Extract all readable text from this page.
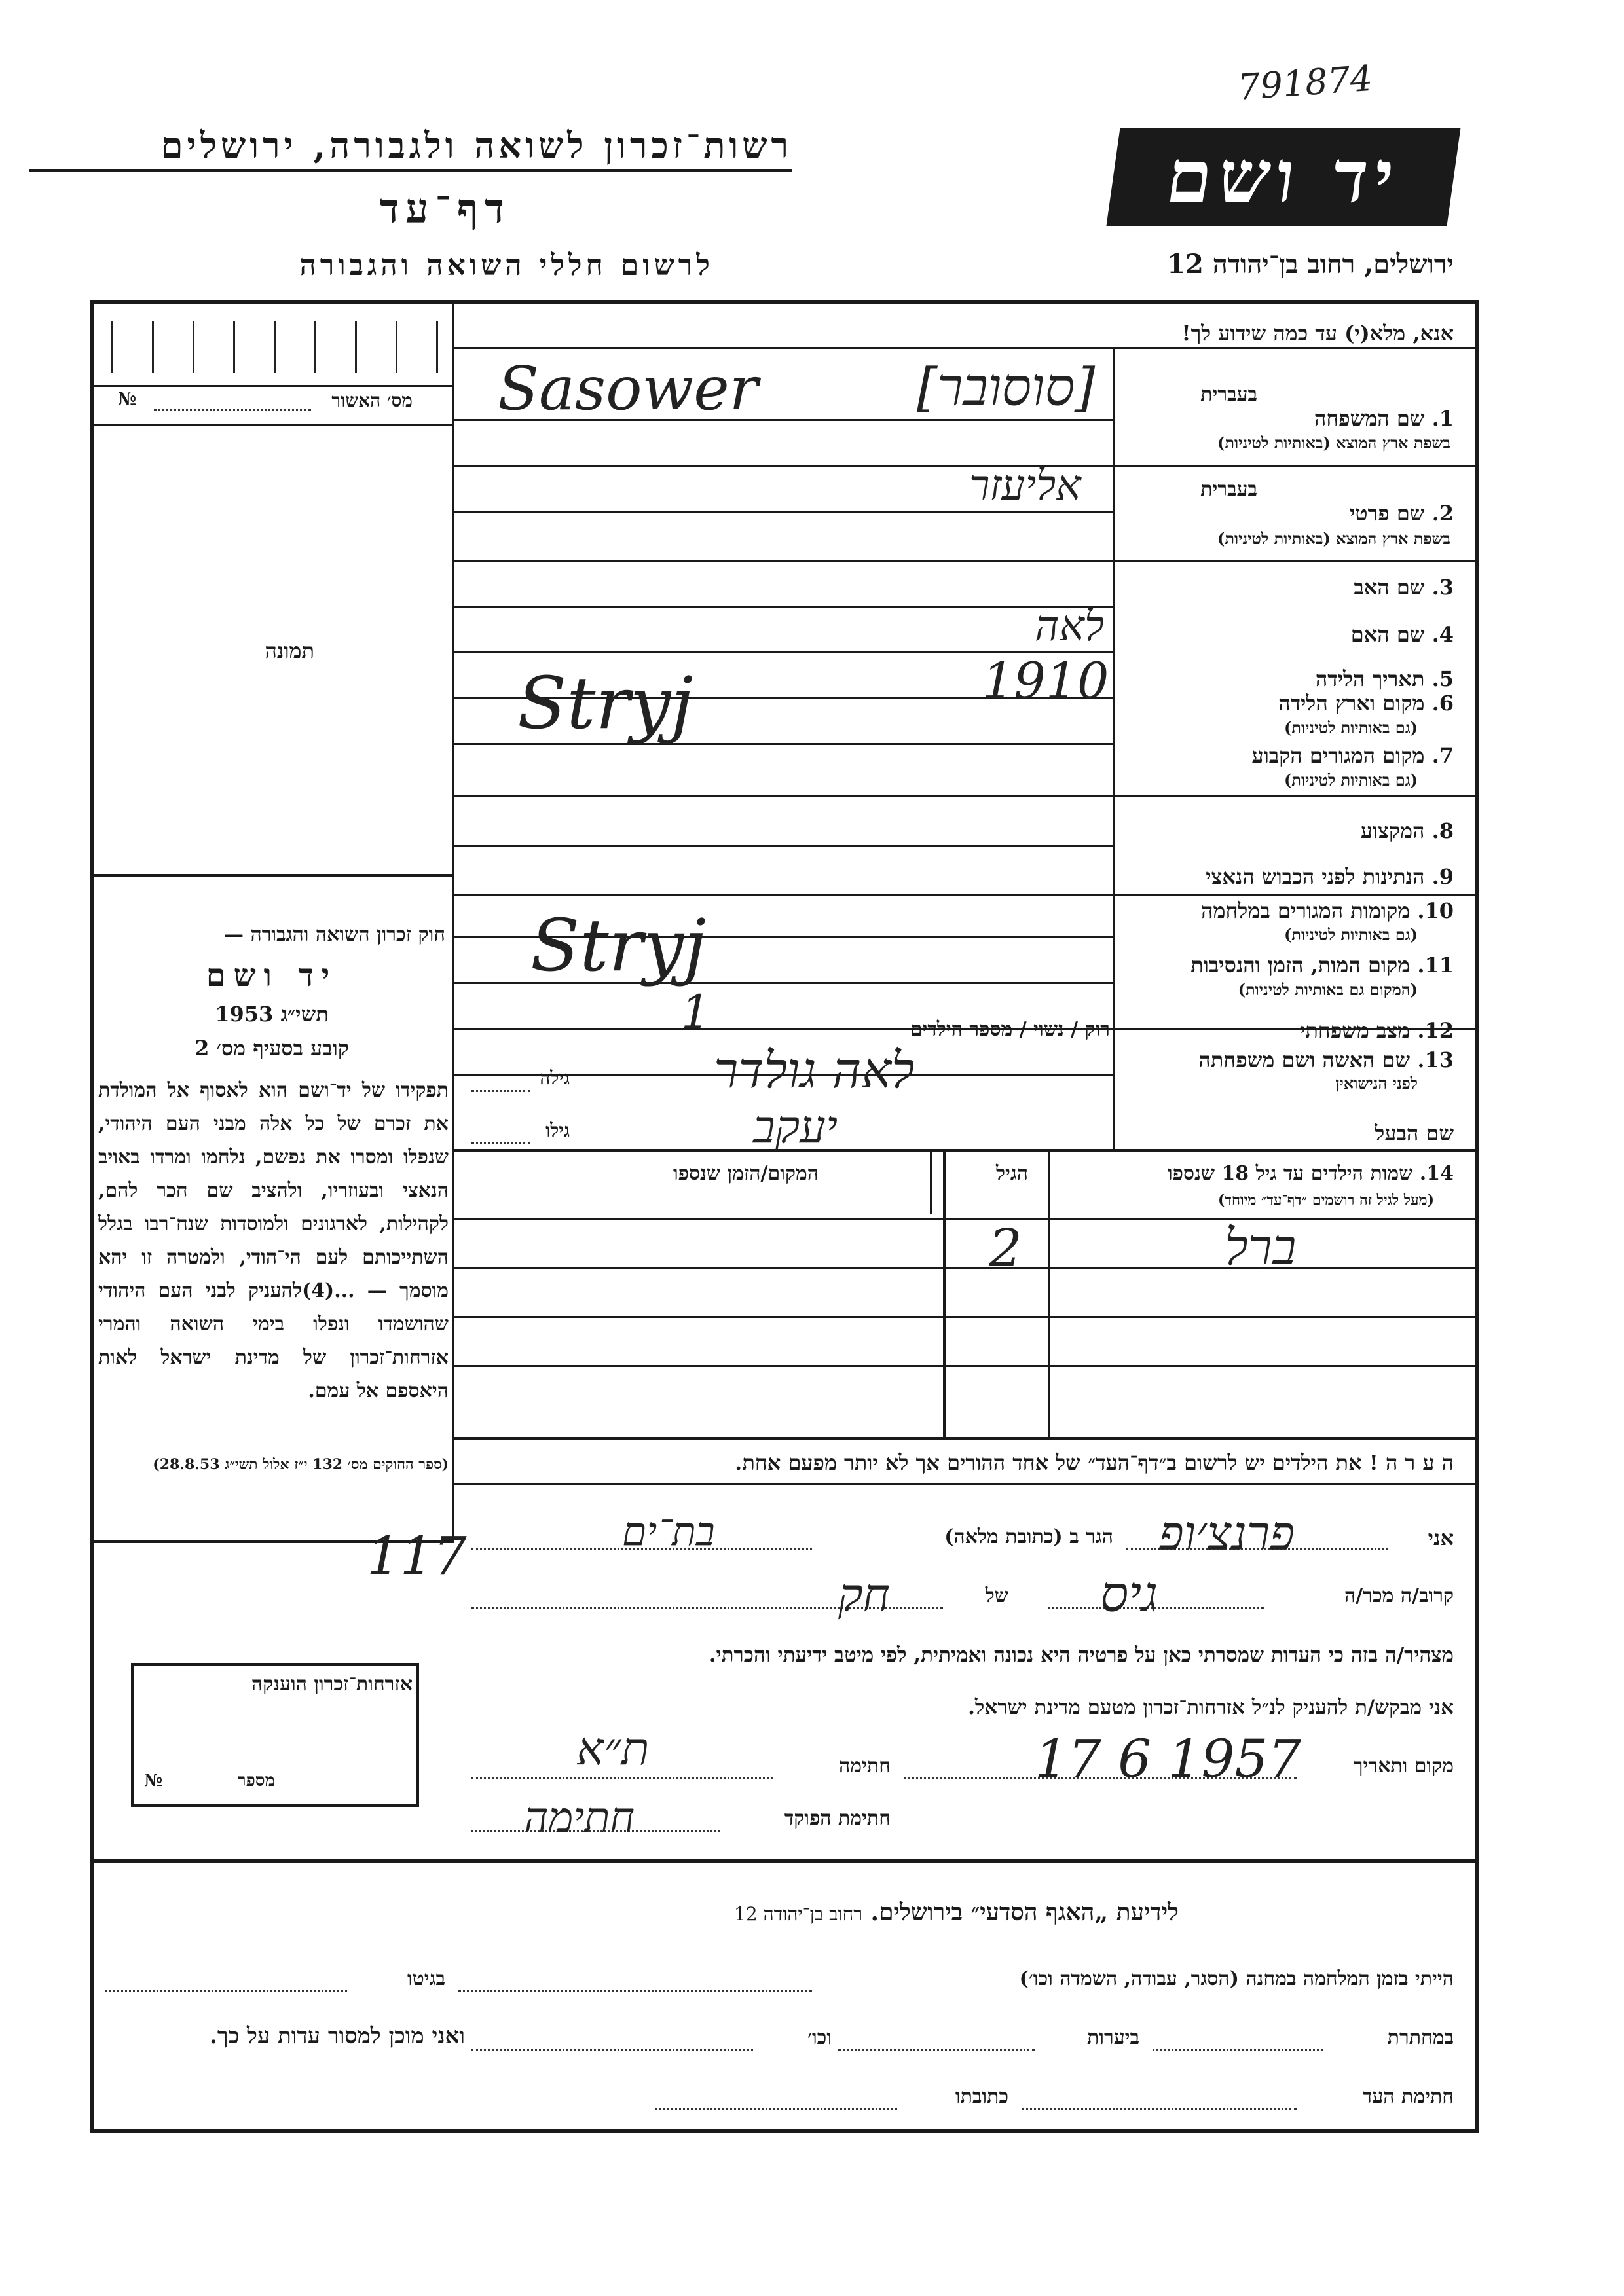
791874
רשות־זכרון לשואה ולגבורה, ירושלים
דף־עד
לרשום חללי השואה והגבורה
יד ושם
ירושלים, רחוב בן־יהודה 12
מס׳ האשור
№
תמונה
חוק זכרון השואה והגבורה —
יד ושם
תשי״ג 1953
קובע בסעיף מס׳ 2
תפקידו של יד־ושם הוא לאסוף אל המולדת את זכרם של כל אלה מבני העם היהודי, שנפלו ומסרו את נפשם, נלחמו ומרדו באויב הנאצי ובעוזריו, ולהציב שם חכר להם, לקהילות, לארגונים ולמוסדות שנח־רבו בגלל השתייכותם לעם הי־הודי, ולמטרה זו יהא מוסמך — ...(4)להעניק לבני העם היהודי שהושמדו ונפלו בימי השואה והמרי אזרחות־זכרון של מדינת ישראל לאות היאספם אל עמם.
(ספר החוקים מס׳ 132 י״ז אלול תשי״ג 28.8.53)
אנא, מלא(י) עד כמה שידוע לך!
בעברית
1. שם המשפחה
בשפת ארץ המוצא (באותיות לטיניות)
בעברית
2. שם פרטי
בשפת ארץ המוצא (באותיות לטיניות)
3. שם האב
4. שם האם
5. תאריך הלידה
6. מקום וארץ הלידה
(גם באותיות לטיניות)
7. מקום המגורים הקבוע
(גם באותיות לטיניות)
8. המקצוע
9. הנתינות לפני הכבוש הנאצי
10. מקומות המגורים במלחמה
(גם באותיות לטיניות)
11. מקום המות, הזמן והנסיבות
(המקום גם באותיות לטיניות)
12. מצב משפחתי
13. שם האשה ושם משפחתה
לפני הנישואין
שם הבעל
רוק / נשוי / מספר הילדים
גילה
גילו
14. שמות הילדים עד גיל 18 שנספו
(מעל לגיל זה רושמים ״דף־עד״ מיוחד)
הגיל
המקום/הזמן שנספו
ה ע ר ה ! את הילדים יש לרשום ב״דף־העד״ של אחד ההורים אך לא יותר מפעם אחת.
אני
הגר ב (כתובת מלאה)
קרוב/ה מכר/ה
של
מצהיר/ה בזה כי העדות שמסרתי כאן על פרטיה היא נכונה ואמיתית, לפי מיטב ידיעתי והכרתי.
אני מבקש/ת להעניק לנ״ל אזרחות־זכרון מטעם מדינת ישראל.
מקום ותאריך
חתימה
חתימת הפוקד
אזרחות־זכרון הוענקה
מספר
№
לידיעת „האגף הסדעי״ בירושלים. רחוב בן־יהודה 12
הייתי בזמן המלחמה במחנה (הסגר, עבודה, השמדה וכו׳)
בגיטו
במחתרת
ביערות
וכו׳
ואני מוכן למסור עדות על כך.
חתימת העד
כתובתו
Sasower	[סוסובר]
אליעזר
לאה
1910
Stryj
Stryj
1
לאה גולדר
יעקב
2	ברל
פרנצ׳ופ
בת־ים
117
גיס
חק
17 6 1957
ת״א
חתימה
